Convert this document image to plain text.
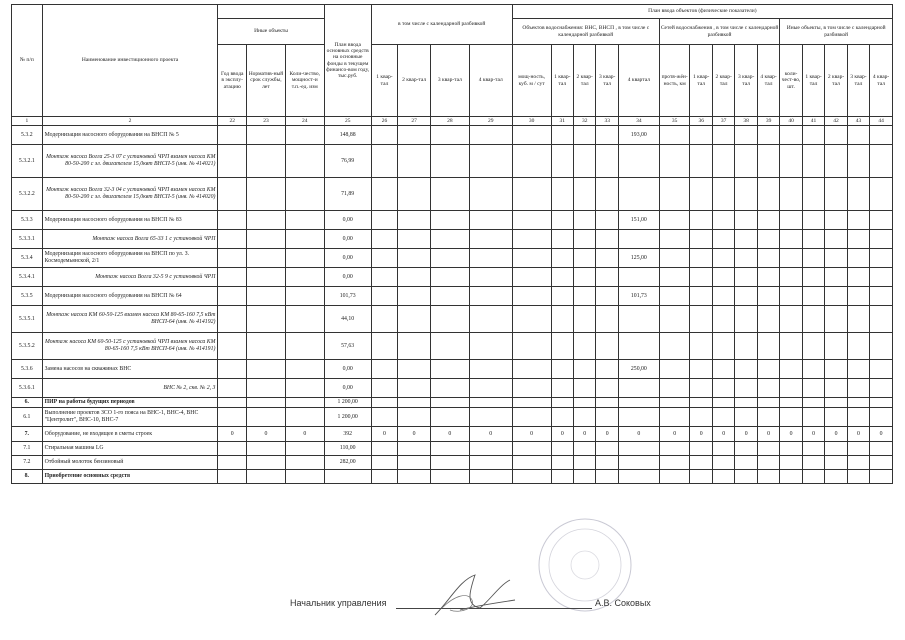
№ п/п	Наименование инвестиционного проекта				План ввода основных средств на основные фонды в текущем финансо-вом году, тыс.руб.	в том числе с календарной разбивкой				План ввода объектов (физические показатели)														
		Иные объекты								Объектов водоснабжения: ВНС, ВНСП , в том числе с календарной разбивкой					Сетей водоснабжения , в том числе с календарной разбивкой					Иные объекты, в том числе с календарной разбивкой				
		Год ввода в эксплу-атацию	Норматив-ный срок службы, лет	Коли-чество, мощност-и т.п.-ед. изм		1 квар-тал	2 квар-тал	3 квар-тал	4 квар-тал	мощ-ность, куб. м / сут	1 квар-тал	2 квар-тал	3 квар-тал	4 квартал	протя-жён-ность, км	1 квар-тал	2 квар-тал	3 квар-тал	4 квар-тал	коли-чест-во, шт.	1 квар-тал	2 квар-тал	3 квар-тал	4 квар-тал
1	2	22	23	24	25	26	27	28	29	30	31	32	33	34	35	36	37	38	39	40	41	42	43	44
5.3.2	Модернизация насосного оборудования на ВНСП № 5				148,88									193,00										
5.3.2.1	Монтаж насоса Вогга 25-3 07 с установкой ЧРП взамен насоса КМ 80-50-200 с эл. двигателем 15,0квт ВНСП-5 (инв. № 414021)				76,99																			
5.3.2.2	Монтаж насоса Вогга 32-3 04 с установкой ЧРП взамен насоса КМ 80-50-200 с эл. двигателем 15,0квт ВНСП-5 (инв. № 414020)				71,89																			
5.3.3	Модернизация насосного оборудования на ВНСП № 83				0,00									151,00										
5.3.3.1	Монтаж насоса Вогга 65-33 1 с установкой ЧРП				0,00																			
5.3.4	Модернизация насосного оборудования на ВНСП по ул. З. Космодемьянской, 2/1				0,00									125,00										
5.3.4.1	Монтаж насоса Вогга 32-5 9 с установкой ЧРП				0,00																			
5.3.5	Модернизация насосного оборудования на ВНСП № 64				101,73									101,73										
5.3.5.1	Монтаж насоса КМ 60-50-125 взамен насоса КМ 80-65-160 7,5 кВт ВНСП-64 (инв. № 414192)				44,10																			
5.3.5.2	Монтаж насоса КМ 60-50-125 с установкой ЧРП взамен насоса КМ 80-65-160 7,5 кВт ВНСП-64 (инв. № 414191)				57,63																			
5.3.6	Замена насосов на скважинах ВНС				0,00									250,00										
5.3.6.1	ВНС № 2, скв. № 2, 3				0,00																			
6.	ПИР на работы будущих периодов				1 200,00																			
6.1	Выполнение проектов ЗСО 1-го пояса на ВНС-1, ВНС-4, ВНС "Центролит", ВНС-10, ВНС-7				1 200,00																			
7.	Оборудование, не входящее в сметы строек	0	0	0	392	0	0	0	0	0	0	0	0	0	0	0	0	0	0	0	0	0	0	0
7.1	Стиральная машина LG				110,00																			
7.2	Отбойный молоток бензиновый				282,00																			
8.	Приобретение основных средств																							
Начальник управления	А.В. Соковых
